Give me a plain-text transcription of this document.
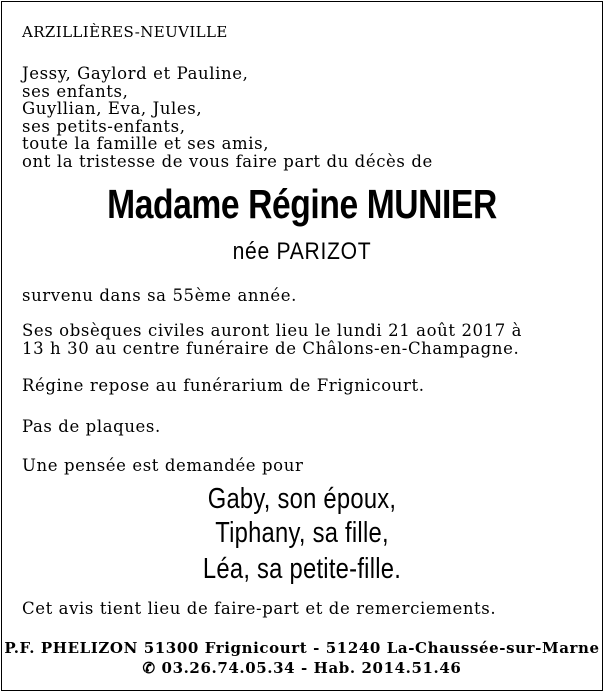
ARZILLIÈRES-NEUVILLE
Jessy, Gaylord et Pauline,
ses enfants,
Guyllian, Eva, Jules,
ses petits-enfants,
toute la famille et ses amis,
ont la tristesse de vous faire part du décès de
Madame Régine MUNIER
née PARIZOT
survenu dans sa 55ème année.
Ses obsèques civiles auront lieu le lundi 21 août 2017 à
13 h 30 au centre funéraire de Châlons-en-Champagne.
Régine repose au funérarium de Frignicourt.
Pas de plaques.
Une pensée est demandée pour
Gaby, son époux,
Tiphany, sa fille,
Léa, sa petite-fille.
Cet avis tient lieu de faire-part et de remerciements.
P.F. PHELIZON 51300 Frignicourt - 51240 La-Chaussée-sur-Marne
✆ 03.26.74.05.34 - Hab. 2014.51.46
